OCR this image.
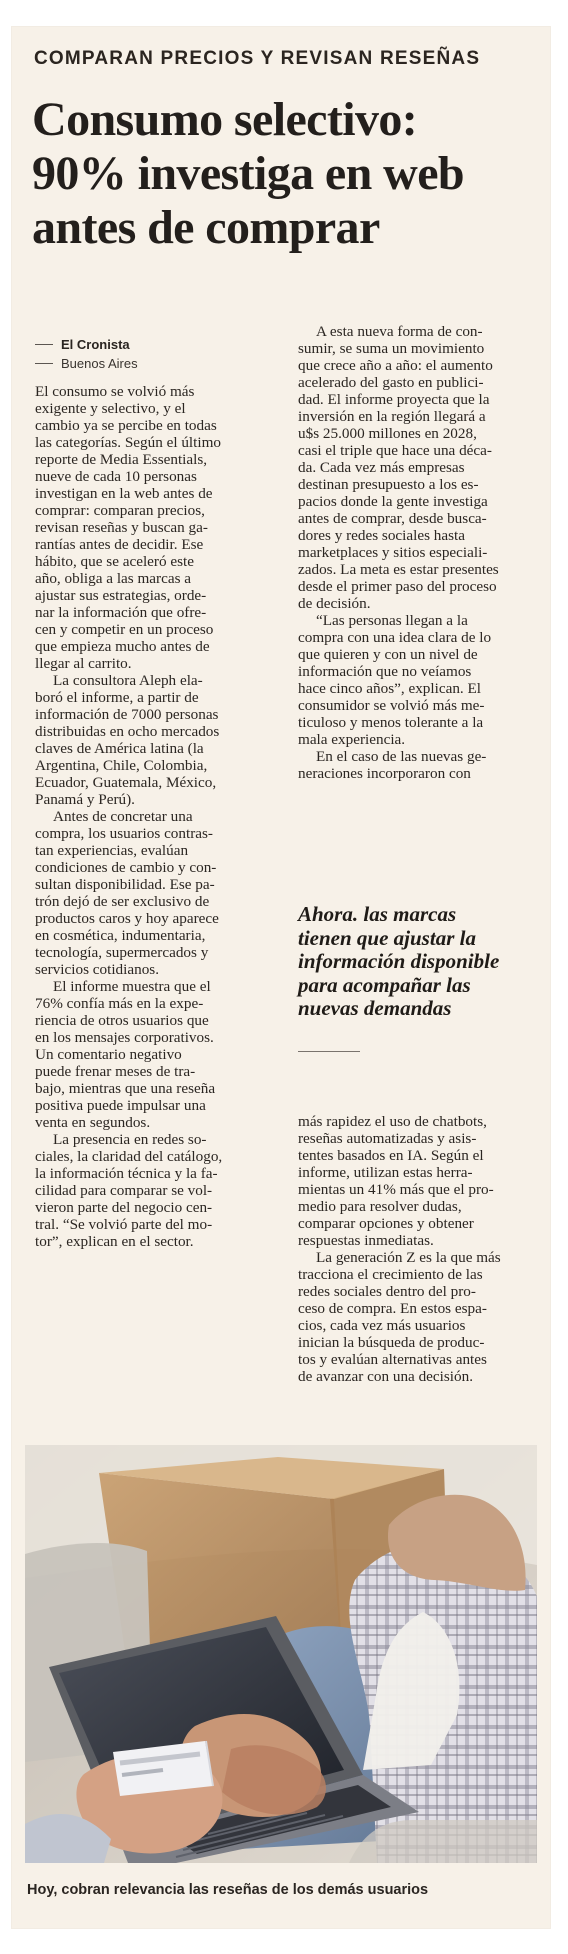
COMPARAN PRECIOS Y REVISAN RESEÑAS
Consumo selectivo:
90% investiga en web
antes de comprar
El Cronista
Buenos Aires
El consumo se volvió más
exigente y selectivo, y el
cambio ya se percibe en todas
las categorías. Según el último
reporte de Media Essentials,
nueve de cada 10 personas
investigan en la web antes de
comprar: comparan precios,
revisan reseñas y buscan ga-
rantías antes de decidir. Ese
hábito, que se aceleró este
año, obliga a las marcas a
ajustar sus estrategias, orde-
nar la información que ofre-
cen y competir en un proceso
que empieza mucho antes de
llegar al carrito.
La consultora Aleph ela-
boró el informe, a partir de
información de 7000 personas
distribuidas en ocho mercados
claves de América latina (la
Argentina, Chile, Colombia,
Ecuador, Guatemala, México,
Panamá y Perú).
Antes de concretar una
compra, los usuarios contras-
tan experiencias, evalúan
condiciones de cambio y con-
sultan disponibilidad. Ese pa-
trón dejó de ser exclusivo de
productos caros y hoy aparece
en cosmética, indumentaria,
tecnología, supermercados y
servicios cotidianos.
El informe muestra que el
76% confía más en la expe-
riencia de otros usuarios que
en los mensajes corporativos.
Un comentario negativo
puede frenar meses de tra-
bajo, mientras que una reseña
positiva puede impulsar una
venta en segundos.
La presencia en redes so-
ciales, la claridad del catálogo,
la información técnica y la fa-
cilidad para comparar se vol-
vieron parte del negocio cen-
tral. “Se volvió parte del mo-
tor”, explican en el sector.
A esta nueva forma de con-
sumir, se suma un movimiento
que crece año a año: el aumento
acelerado del gasto en publici-
dad. El informe proyecta que la
inversión en la región llegará a
u$s 25.000 millones en 2028,
casi el triple que hace una déca-
da. Cada vez más empresas
destinan presupuesto a los es-
pacios donde la gente investiga
antes de comprar, desde busca-
dores y redes sociales hasta
marketplaces y sitios especiali-
zados. La meta es estar presentes
desde el primer paso del proceso
de decisión.
“Las personas llegan a la
compra con una idea clara de lo
que quieren y con un nivel de
información que no veíamos
hace cinco años”, explican. El
consumidor se volvió más me-
ticuloso y menos tolerante a la
mala experiencia.
En el caso de las nuevas ge-
neraciones incorporaron con
Ahora. las marcas
tienen que ajustar la
información disponible
para acompañar las
nuevas demandas
más rapidez el uso de chatbots,
reseñas automatizadas y asis-
tentes basados en IA. Según el
informe, utilizan estas herra-
mientas un 41% más que el pro-
medio para resolver dudas,
comparar opciones y obtener
respuestas inmediatas.
La generación Z es la que más
tracciona el crecimiento de las
redes sociales dentro del pro-
ceso de compra. En estos espa-
cios, cada vez más usuarios
inician la búsqueda de produc-
tos y evalúan alternativas antes
de avanzar con una decisión.
Hoy, cobran relevancia las reseñas de los demás usuarios
